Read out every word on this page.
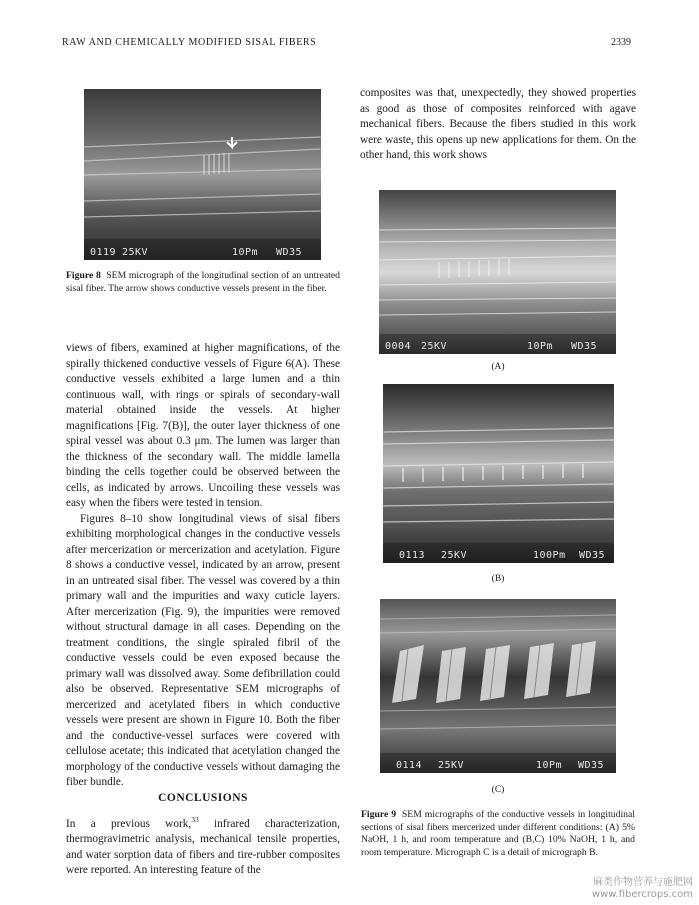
RAW AND CHEMICALLY MODIFIED SISAL FIBERS	2339

0119

25KV

	10Pm

WD35

Figure 8 SEM micrograph of the longitudinal section of an untreated sisal fiber. The arrow shows conductive vessels present in the fiber.

views of fibers, examined at higher magnifications, of the spirally thickened conductive vessels of Figure 6(A). These conductive vessels exhibited a large lumen and a thin continuous wall, with rings or spirals of secondary-wall material obtained inside the vessels. At higher magnifications [Fig. 7(B)], the outer layer thickness of one spiral vessel was about 0.3 μm. The lumen was larger than the thickness of the secondary wall. The middle lamella binding the cells together could be observed between the cells, as indicated by arrows. Uncoiling these vessels was easy when the fibers were tested in tension.

Figures 8–10 show longitudinal views of sisal fibers exhibiting morphological changes in the conductive vessels after mercerization or mercerization and acetylation. Figure 8 shows a conductive vessel, indicated by an arrow, present in an untreated sisal fiber. The vessel was covered by a thin primary wall and the impurities and waxy cuticle layers. After mercerization (Fig. 9), the impurities were removed without structural damage in all cases. Depending on the treatment conditions, the single spiraled fibril of the conductive vessels could be even exposed because the primary wall was dissolved away. Some defibrillation could also be observed. Representative SEM micrographs of mercerized and acetylated fibers in which conductive vessels were present are shown in Figure 10. Both the fiber and the conductive-vessel surfaces were covered with cellulose acetate; this indicated that acetylation changed the morphology of the conductive vessels without damaging the fiber bundle.

CONCLUSIONS
In a previous work,$^{33}$ infrared characterization, thermogravimetric analysis, mechanical tensile properties, and water sorption data of fibers and tire-rubber composites were reported. An interesting feature of the

composites was that, unexpectedly, they showed properties as good as those of composites reinforced with agave mechanical fibers. Because the fibers studied in this work were waste, this opens up new applications for them. On the other hand, this work shows

0004

25KV

	10Pm

WD35

(A)

0113

25KV

	100Pm

WD35

(B)

0114

25KV

	10Pm

WD35

(C)
Figure 9 SEM micrographs of the conductive vessels in longitudinal sections of sisal fibers mercerized under different conditions: (A) 5% NaOH, 1 h, and room temperature and (B,C) 10% NaOH, 1 h, and room temperature. Micrograph C is a detail of micrograph B.
麻类作物营养与施肥网
www.fibercrops.com
